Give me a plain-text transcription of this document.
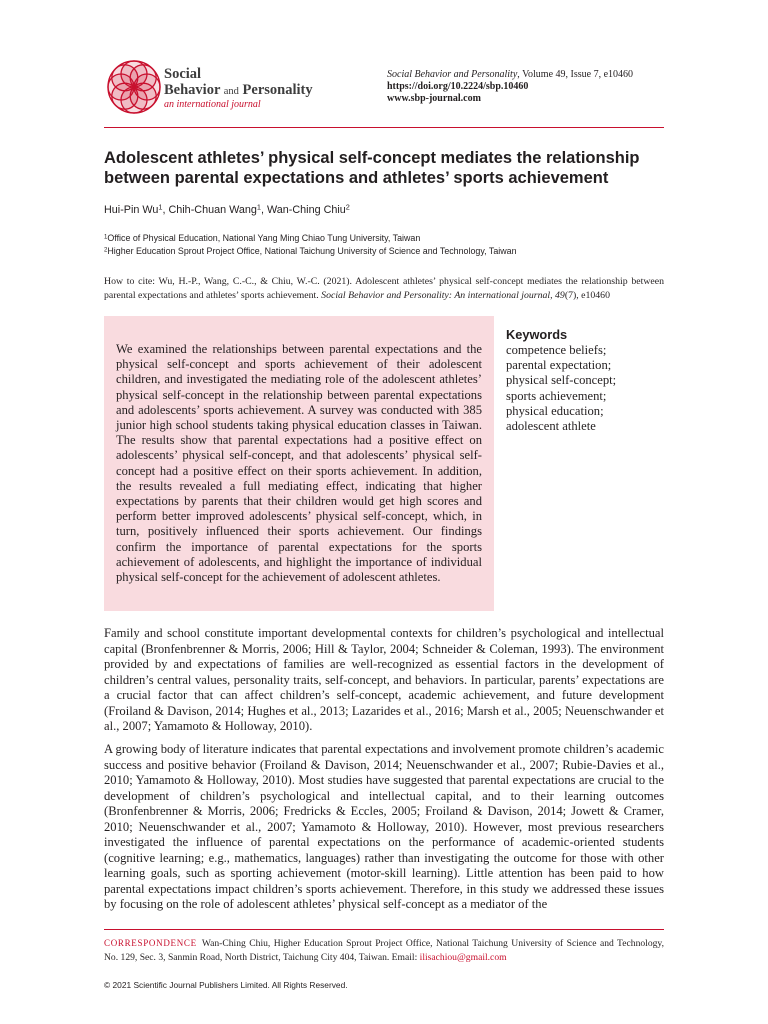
Social
Behavior and Personality
an international journal
Social Behavior and Personality, Volume 49, Issue 7, e10460
https://doi.org/10.2224/sbp.10460
www.sbp-journal.com
Adolescent athletes’ physical self-concept mediates the relationship between parental expectations and athletes’ sports achievement

Hui-Pin Wu$^1$, Chih-Chuan Wang$^1$, Wan-Ching Chiu$^2$

$^1$Office of Physical Education, National Yang Ming Chiao Tung University, Taiwan
$^2$Higher Education Sprout Project Office, National Taichung University of Science and Technology, Taiwan

How to cite: Wu, H.-P., Wang, C.-C., & Chiu, W.-C. (2021). Adolescent athletes’ physical self-concept mediates the relationship between parental expectations and athletes’ sports achievement. Social Behavior and Personality: An international journal, 49(7), e10460

We examined the relationships between parental expectations and the physical self-concept and sports achievement of their adolescent children, and investigated the mediating role of the adolescent athletes’ physical self-concept in the relationship between parental expectations and adolescents’ sports achievement. A survey was conducted with 385 junior high school students taking physical education classes in Taiwan. The results show that parental expectations had a positive effect on adolescents’ physical self-concept, and that adolescents’ physical self-concept had a positive effect on their sports achievement. In addition, the results revealed a full mediating effect, indicating that higher expectations by parents that their children would get high scores and perform better improved adolescents’ physical self-concept, which, in turn, positively influenced their sports achievement. Our findings confirm the importance of parental expectations for the sports achievement of adolescents, and highlight the importance of individual physical self-concept for the achievement of adolescent athletes.

Keywords
competence beliefs;
parental expectation;
physical self-concept;
sports achievement;
physical education;
adolescent athlete

Family and school constitute important developmental contexts for children’s psychological and intellectual capital (Bronfenbrenner & Morris, 2006; Hill & Taylor, 2004; Schneider & Coleman, 1993). The environment provided by and expectations of families are well-recognized as essential factors in the development of children’s central values, personality traits, self-concept, and behaviors. In particular, parents’ expectations are a crucial factor that can affect children’s self-concept, academic achievement, and future development (Froiland & Davison, 2014; Hughes et al., 2013; Lazarides et al., 2016; Marsh et al., 2005; Neuenschwander et al., 2007; Yamamoto & Holloway, 2010).

A growing body of literature indicates that parental expectations and involvement promote children’s academic success and positive behavior (Froiland & Davison, 2014; Neuenschwander et al., 2007; Rubie-Davies et al., 2010; Yamamoto & Holloway, 2010). Most studies have suggested that parental expectations are crucial to the development of children’s psychological and intellectual capital, and to their learning outcomes (Bronfenbrenner & Morris, 2006; Fredricks & Eccles, 2005; Froiland & Davison, 2014; Jowett & Cramer, 2010; Neuenschwander et al., 2007; Yamamoto & Holloway, 2010). However, most previous researchers investigated the influence of parental expectations on the performance of academic-oriented students (cognitive learning; e.g., mathematics, languages) rather than investigating the outcome for those with other learning goals, such as sporting achievement (motor-skill learning). Little attention has been paid to how parental expectations impact children’s sports achievement. Therefore, in this study we addressed these issues by focusing on the role of adolescent athletes’ physical self-concept as a mediator of the

CORRESPONDENCE Wan-Ching Chiu, Higher Education Sprout Project Office, National Taichung University of Science and Technology, No. 129, Sec. 3, Sanmin Road, North District, Taichung City 404, Taiwan. Email: ilisachiou@gmail.com

© 2021 Scientific Journal Publishers Limited. All Rights Reserved.
